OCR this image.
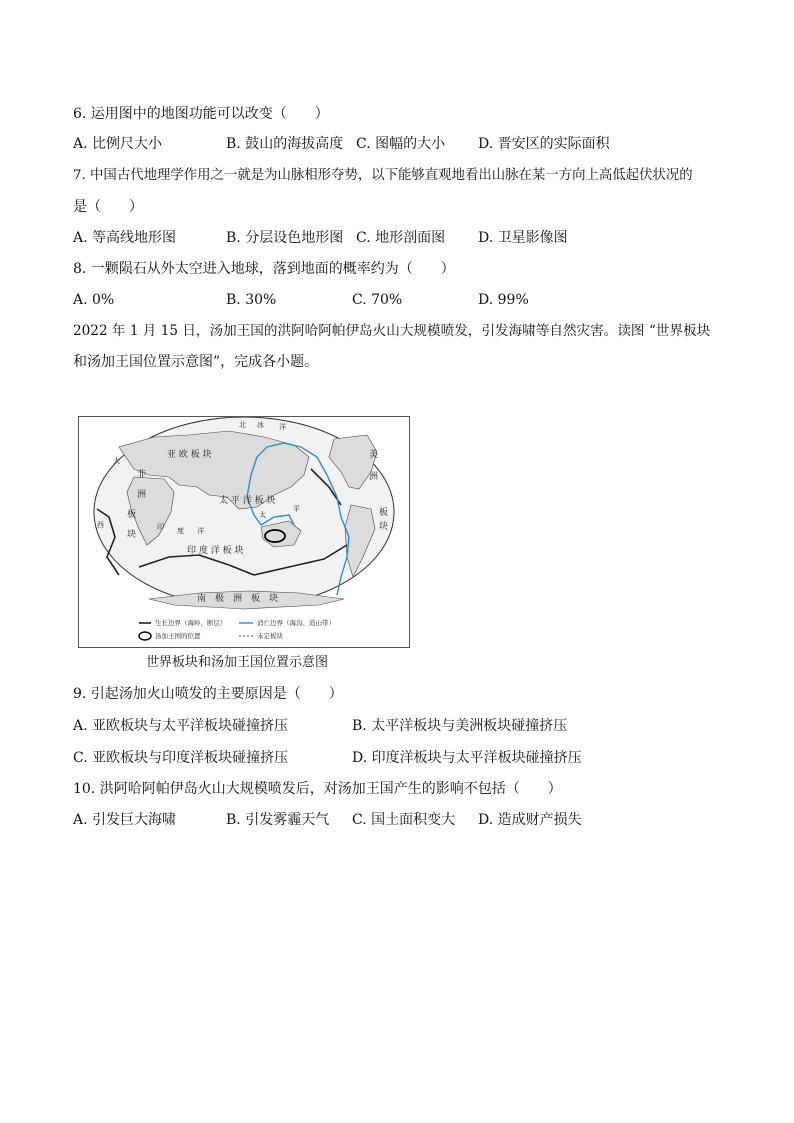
6. 运用图中的地图功能可以改变（　　）
A. 比例尺大小	B. 鼓山的海拔高度 C. 图幅的大小 D. 晋安区的实际面积
7. 中国古代地理学作用之一就是为山脉相形夺势，以下能够直观地看出山脉在某一方向上高低起伏状况的
是（　　）
A. 等高线地形图	B. 分层设色地形图 C. 地形剖面图 D. 卫星影像图
8. 一颗陨石从外太空进入地球，落到地面的概率约为（　　）
A. 0%	B. 30%	C. 70%	D. 99%
2022 年 1 月 15 日，汤加王国的洪阿哈阿帕伊岛火山大规模喷发，引发海啸等自然灾害。读图 “世界板块
和汤加王国位置示意图”，完成各小题。
亚 欧 板 块
太 平 洋 板 块
印 度 洋 板 块
南　极　洲　板　块
非
洲
板
块
美
洲
板
块
北 冰 洋
大
西	印 度 洋
太
平
生长边界（海岭、断层）	消亡边界（海沟、造山带）
汤加王国的位置	未定板块
世界板块和汤加王国位置示意图
9. 引起汤加火山喷发的主要原因是（　　）
A. 亚欧板块与太平洋板块碰撞挤压	B. 太平洋板块与美洲板块碰撞挤压
C. 亚欧板块与印度洋板块碰撞挤压	D. 印度洋板块与太平洋板块碰撞挤压
10. 洪阿哈阿帕伊岛火山大规模喷发后，对汤加王国产生的影响不包括（　　）
A. 引发巨大海啸	B. 引发雾霾天气 C. 国土面积变大 D. 造成财产损失
